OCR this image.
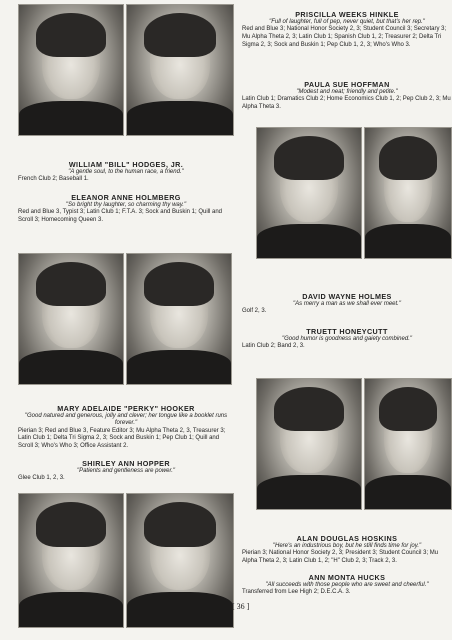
PRISCILLA WEEKS HINKLE
"Full of laughter, full of pep, never quiet, but that's her rep."
Red and Blue 3; National Honor Society 2, 3; Student Council 3; Secretary 3; Mu Alpha Theta 2, 3; Latin Club 1; Spanish Club 1, 2; Treasurer 2; Delta Tri Sigma 2, 3; Sock and Buskin 1; Pep Club 1, 2, 3; Who's Who 3.
PAULA SUE HOFFMAN
"Modest and neat; friendly and petite."
Latin Club 1; Dramatics Club 2; Home Economics Club 1, 2; Pep Club 2, 3; Mu Alpha Theta 3.
WILLIAM "BILL" HODGES, JR.
"A gentle soul, to the human race, a friend."
French Club 2; Baseball 1.
ELEANOR ANNE HOLMBERG
"So bright thy laughter, so charming thy way."
Red and Blue 3, Typist 3; Latin Club 1; F.T.A. 3; Sock and Buskin 1; Quill and Scroll 3; Homecoming Queen 3.
DAVID WAYNE HOLMES
"As merry a man as we shall ever meet."
Golf 2, 3.
TRUETT HONEYCUTT
"Good humor is goodness and gaiety combined."
Latin Club 2; Band 2, 3.
MARY ADELAIDE "PERKY" HOOKER
"Good natured and generous, jolly and clever; her tongue like a booklet runs forever."
Pierian 3; Red and Blue 3, Feature Editor 3; Mu Alpha Theta 2, 3, Treasurer 3; Latin Club 1; Delta Tri Sigma 2, 3; Sock and Buskin 1; Pep Club 1; Quill and Scroll 3; Who's Who 3; Office Assistant 2.
SHIRLEY ANN HOPPER
"Patients and gentleness are power."
Glee Club 1, 2, 3.
ALAN DOUGLAS HOSKINS
"Here's an industrious boy, but he still finds time for joy."
Pierian 3; National Honor Society 2, 3; President 3; Student Council 3; Mu Alpha Theta 2, 3; Latin Club 1, 2; "H" Club 2, 3; Track 2, 3.
ANN MONTA HUCKS
"All succeeds with those people who are sweet and cheerful."
Transferred from Lee High 2; D.E.C.A. 3.
[ 36 ]
